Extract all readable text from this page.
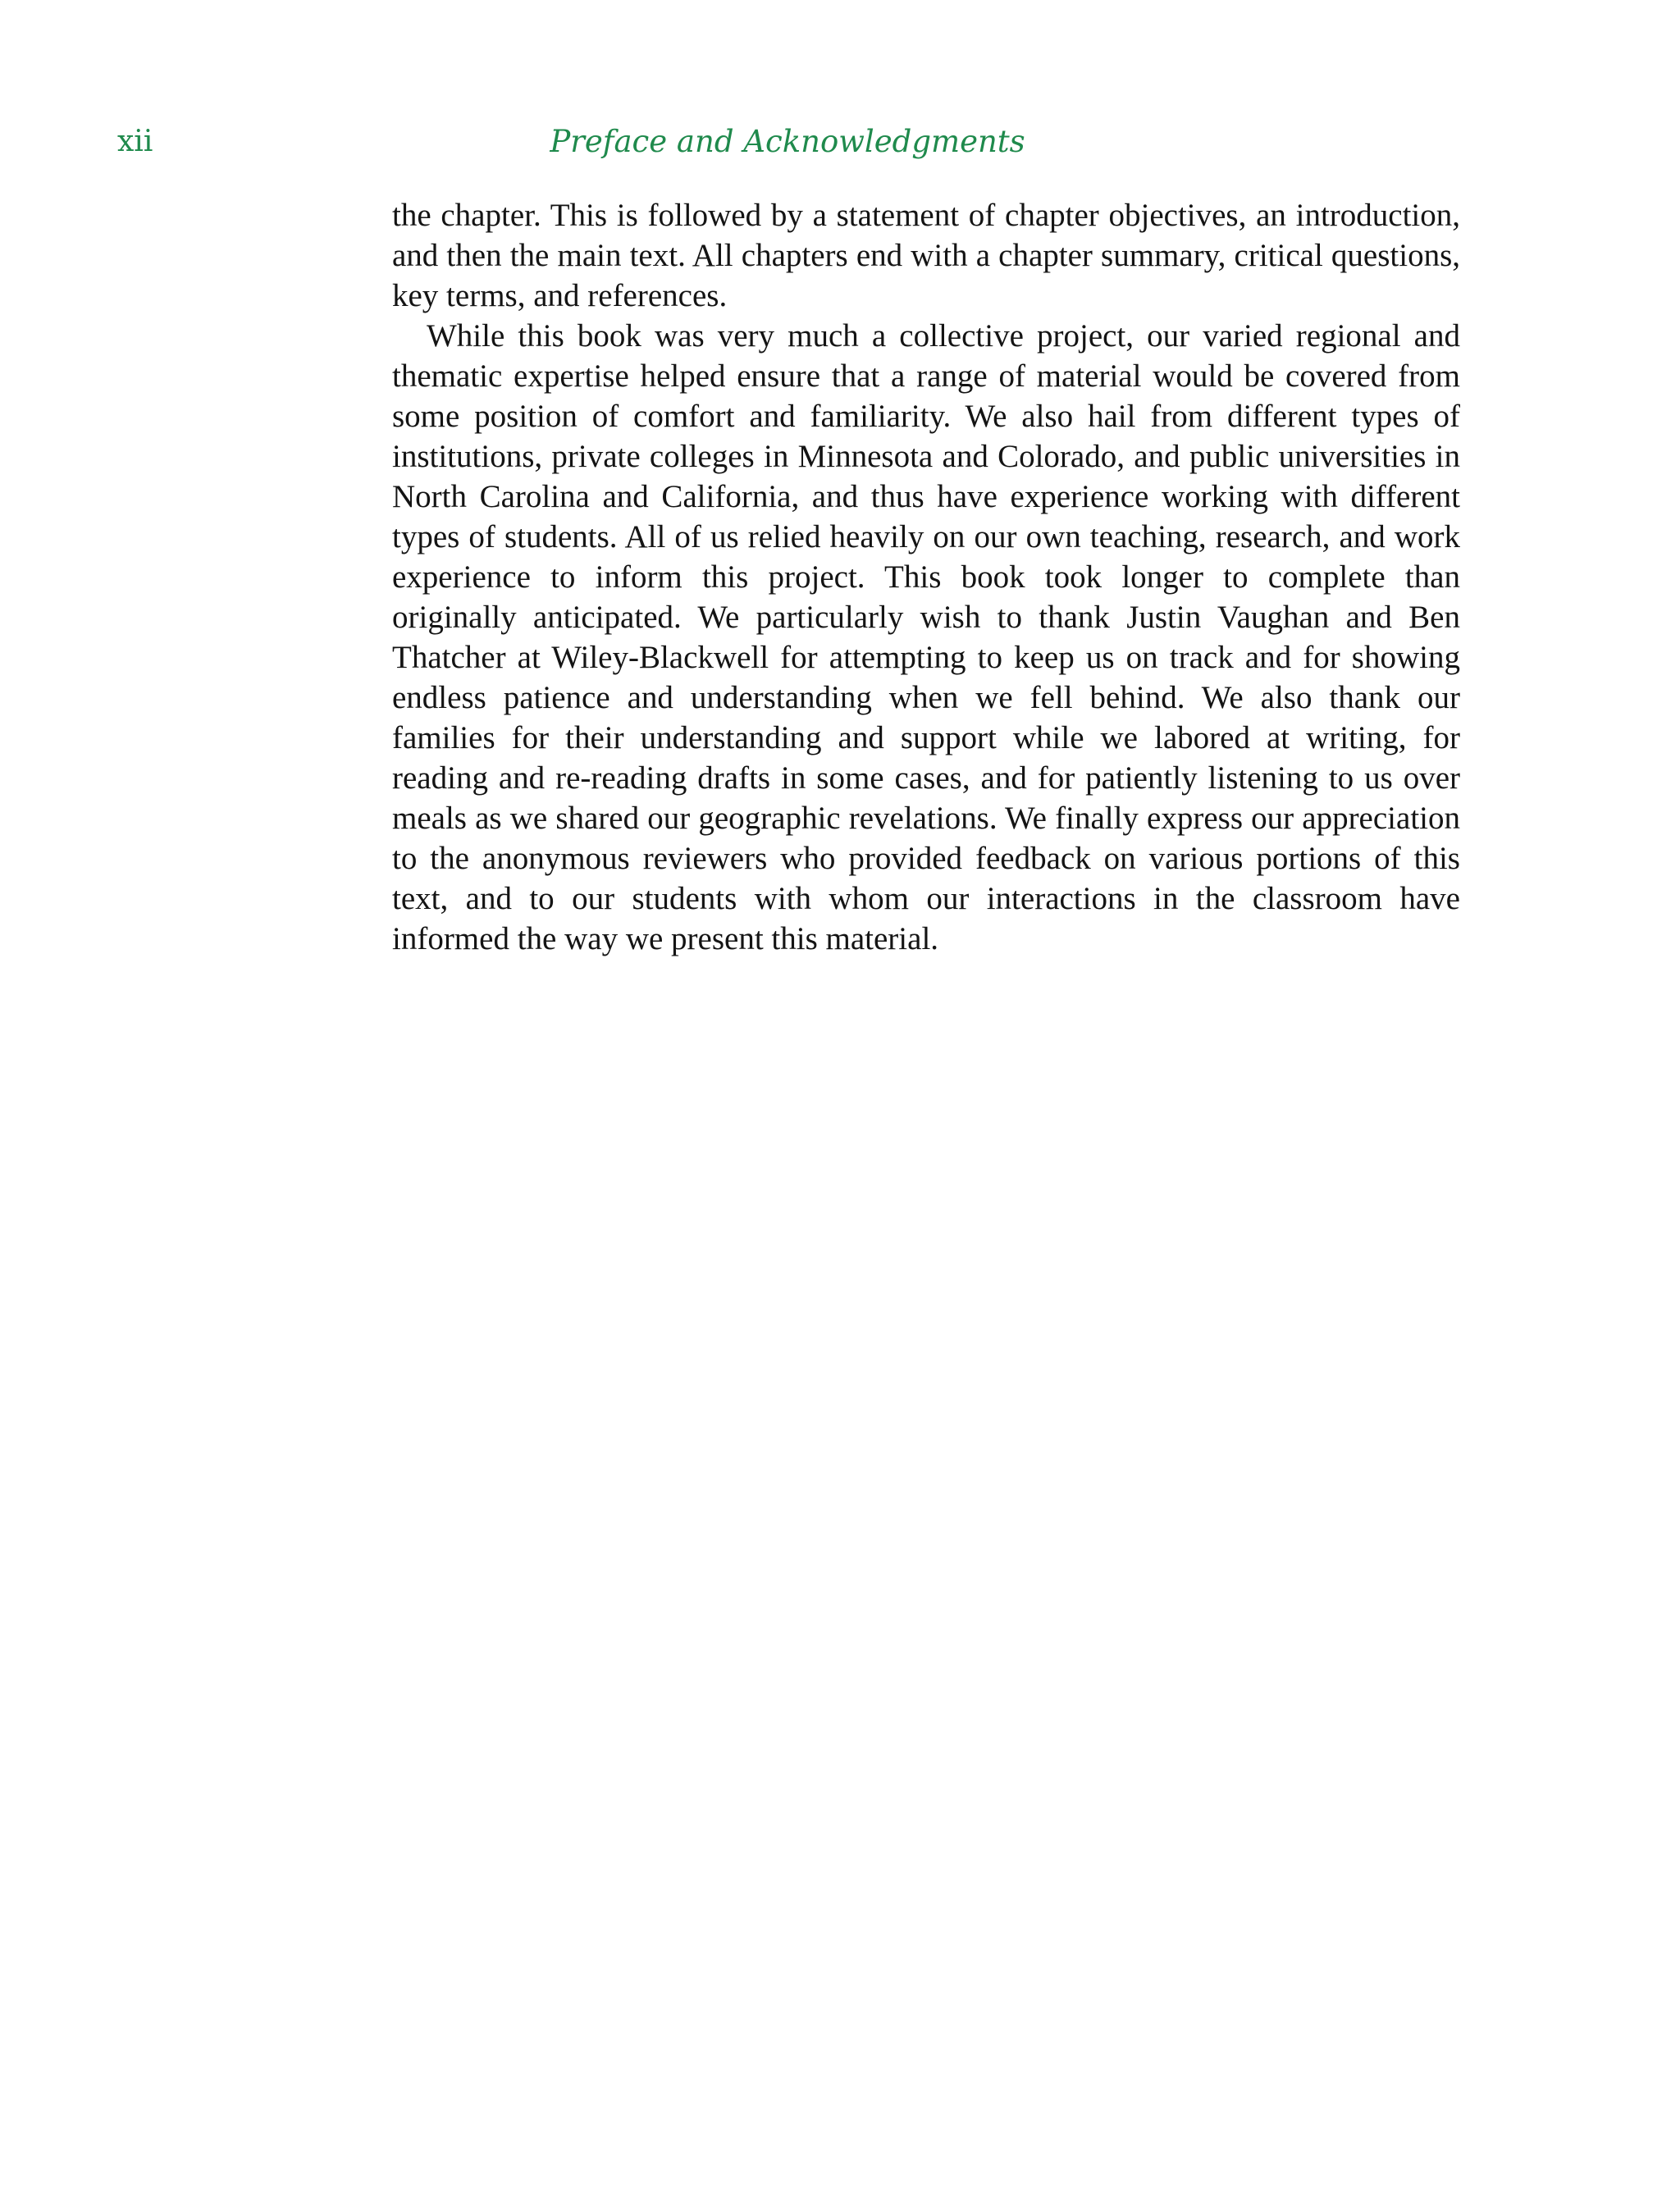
xii	Preface and Acknowledgments

the chapter. This is followed by a statement of chapter objectives, an introduction, and then the main text. All chapters end with a chapter summary, critical questions, key terms, and references.

While this book was very much a collective project, our varied regional and thematic expertise helped ensure that a range of material would be covered from some position of comfort and familiarity. We also hail from different types of institutions, private colleges in Minnesota and Colorado, and public universities in North Carolina and California, and thus have experience working with different types of students. All of us relied heavily on our own teaching, research, and work experience to inform this project. This book took longer to complete than originally anticipated. We particularly wish to thank Justin Vaughan and Ben Thatcher at Wiley-Blackwell for attempting to keep us on track and for showing endless patience and understanding when we fell behind. We also thank our families for their understanding and support while we labored at writing, for reading and re-reading drafts in some cases, and for patiently listening to us over meals as we shared our geographic revelations. We finally express our appreciation to the anonymous reviewers who provided feedback on various portions of this text, and to our students with whom our interactions in the classroom have informed the way we present this material.
